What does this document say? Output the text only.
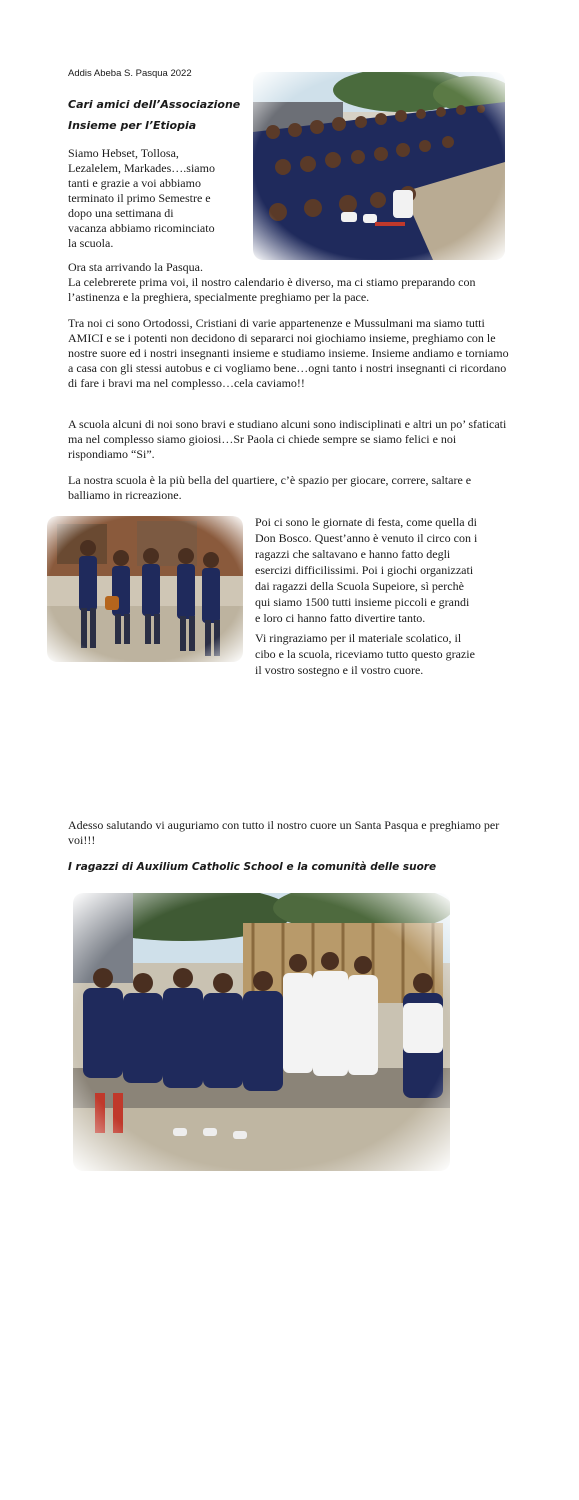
Addis Abeba S. Pasqua 2022

Cari amici dell’Associazione
Insieme per l’Etiopia

Siamo Hebset, Tollosa,
Lezalelem, Markades….siamo
tanti e grazie a voi abbiamo
terminato il primo Semestre e
dopo una settimana di
vacanza abbiamo ricominciato
la scuola.
Ora sta arrivando la Pasqua.
La celebrerete prima voi, il nostro calendario è diverso, ma ci stiamo preparando con l’astinenza e la preghiera, specialmente preghiamo per la pace.
Tra noi ci sono Ortodossi, Cristiani di varie appartenenze e Mussulmani ma siamo tutti AMICI e se i potenti non decidono di separarci noi giochiamo insieme, preghiamo con le nostre suore ed i nostri insegnanti insieme e studiamo insieme. Insieme andiamo e torniamo a casa con gli stessi autobus e ci vogliamo bene…ogni tanto i nostri insegnanti ci ricordano di fare i bravi ma nel complesso…cela caviamo!!
A scuola alcuni di noi sono bravi e studiano alcuni sono indisciplinati e altri un po’ sfaticati ma nel complesso siamo gioiosi…Sr Paola ci chiede sempre se siamo felici e noi rispondiamo “Si”.
La nostra scuola è la più bella del quartiere, c’è spazio per giocare, correre, saltare e balliamo in ricreazione.
Poi ci sono le giornate di festa, come quella di
Don Bosco. Quest’anno è venuto il circo con i
ragazzi che saltavano e hanno fatto degli
esercizi difficilissimi. Poi i giochi organizzati
dai ragazzi della Scuola Supeiore, sì perchè
qui siamo 1500 tutti insieme piccoli e grandi
e loro ci hanno fatto divertire tanto.
Vi ringraziamo per il materiale scolatico, il
cibo e la scuola, riceviamo tutto questo grazie
il vostro sostegno e il vostro cuore.
Adesso salutando vi auguriamo con tutto il nostro cuore un Santa Pasqua e preghiamo per voi!!!
I ragazzi di Auxilium Catholic School e la comunità delle suore
